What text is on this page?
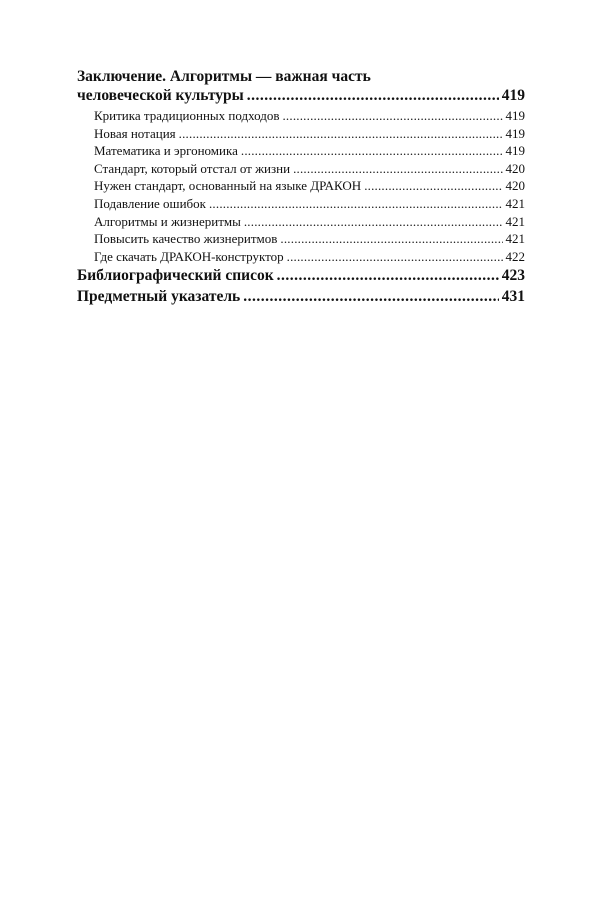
Заключение. Алгоритмы — важная часть
человеческой культуры .....	419
Критика традиционных подходов .....	419
Новая нотация .....	419
Математика и эргономика .....	419
Стандарт, который отстал от жизни .....	420
Нужен стандарт, основанный на языке ДРАКОН .....	420
Подавление ошибок .....	421
Алгоритмы и жизнеритмы .....	421
Повысить качество жизнеритмов .....	421
Где скачать ДРАКОН-конструктор .....	422
Библиографический список .....	423
Предметный указатель .....	431
